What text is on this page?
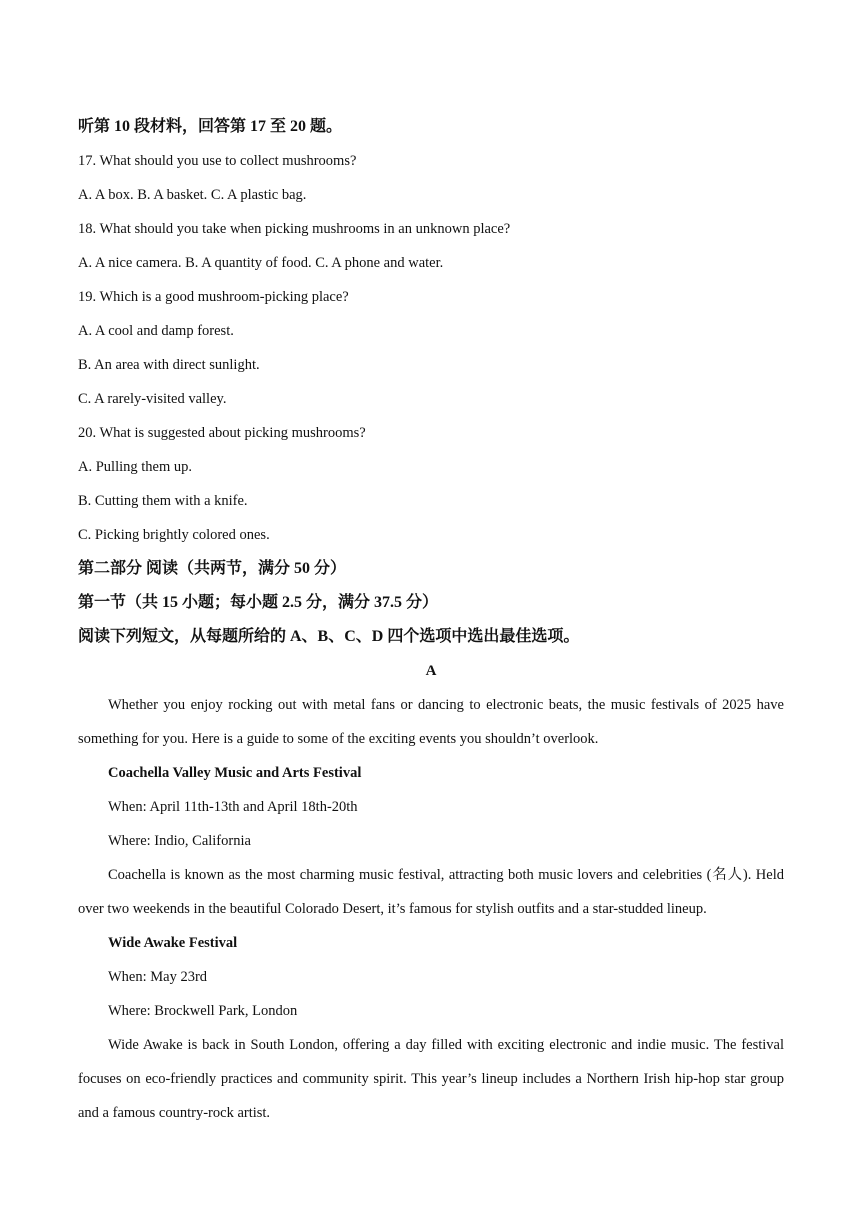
听第 10 段材料，回答第 17 至 20 题。
17. What should you use to collect mushrooms?
A. A box. B. A basket. C. A plastic bag.
18. What should you take when picking mushrooms in an unknown place?
A. A nice camera. B. A quantity of food. C. A phone and water.
19. Which is a good mushroom-picking place?
A. A cool and damp forest.
B. An area with direct sunlight.
C. A rarely-visited valley.
20. What is suggested about picking mushrooms?
A. Pulling them up.
B. Cutting them with a knife.
C. Picking brightly colored ones.
第二部分 阅读（共两节，满分 50 分）
第一节（共 15 小题；每小题 2.5 分，满分 37.5 分）
阅读下列短文，从每题所给的 A、B、C、D 四个选项中选出最佳选项。
A
Whether you enjoy rocking out with metal fans or dancing to electronic beats, the music festivals of 2025 have something for you. Here is a guide to some of the exciting events you shouldn’t overlook.
Coachella Valley Music and Arts Festival
When: April 11th-13th and April 18th-20th
Where: Indio, California
Coachella is known as the most charming music festival, attracting both music lovers and celebrities (名人). Held over two weekends in the beautiful Colorado Desert, it’s famous for stylish outfits and a star-studded lineup.
Wide Awake Festival
When: May 23rd
Where: Brockwell Park, London
Wide Awake is back in South London, offering a day filled with exciting electronic and indie music. The festival focuses on eco-friendly practices and community spirit. This year’s lineup includes a Northern Irish hip-hop star group and a famous country-rock artist.
